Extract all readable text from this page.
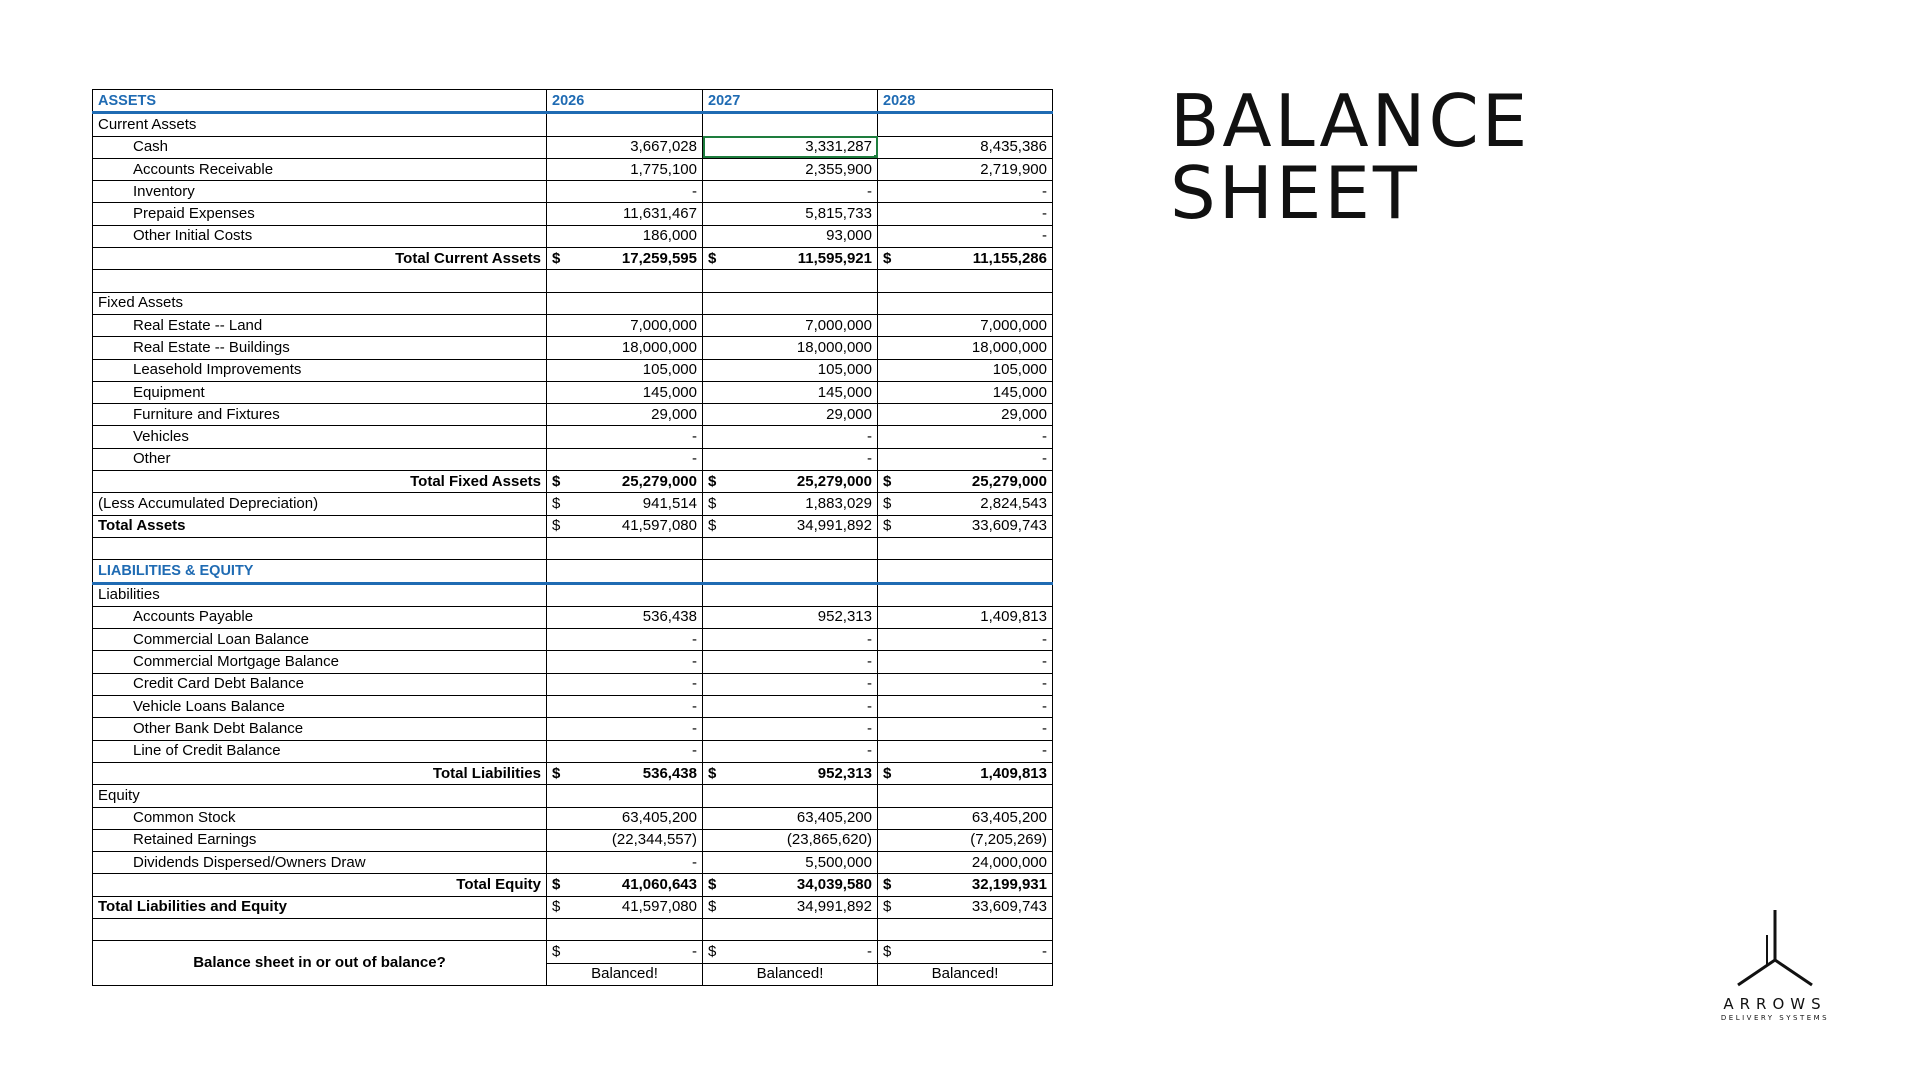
BALANCE
SHEET
ASSETS	2026	2027	2028
Current Assets			
Cash	3,667,028	3,331,287	8,435,386
Accounts Receivable	1,775,100	2,355,900	2,719,900
Inventory	-	-	-
Prepaid Expenses	11,631,467	5,815,733	-
Other Initial Costs	186,000	93,000	-
Total Current Assets	$ 17,259,595	$ 11,595,921	$ 11,155,286

Fixed Assets			
Real Estate -- Land	7,000,000	7,000,000	7,000,000
Real Estate -- Buildings	18,000,000	18,000,000	18,000,000
Leasehold Improvements	105,000	105,000	105,000
Equipment	145,000	145,000	145,000
Furniture and Fixtures	29,000	29,000	29,000
Vehicles	-	-	-
Other	-	-	-
Total Fixed Assets	$ 25,279,000	$ 25,279,000	$ 25,279,000

(Less Accumulated Depreciation)	$ 941,514	$ 1,883,029	$ 2,824,543

Total Assets	$ 41,597,080	$ 34,991,892	$ 33,609,743

LIABILITIES & EQUITY			
Liabilities			
Accounts Payable	536,438	952,313	1,409,813
Commercial Loan Balance	-	-	-
Commercial Mortgage Balance	-	-	-
Credit Card Debt Balance	-	-	-
Vehicle Loans Balance	-	-	-
Other Bank Debt Balance	-	-	-
Line of Credit Balance	-	-	-
Total Liabilities	$ 536,438	$ 952,313	$ 1,409,813

Equity			
Common Stock	63,405,200	63,405,200	63,405,200
Retained Earnings	(22,344,557)	(23,865,620)	(7,205,269)
Dividends Dispersed/Owners Draw	-	5,500,000	24,000,000
Total Equity	$ 41,060,643	$ 34,039,580	$ 32,199,931

Total Liabilities and Equity	$ 41,597,080	$ 34,991,892	$ 33,609,743

Balance sheet in or out of balance?	$ -	$ -	$ -

	Balanced!	Balanced!	Balanced!
ARROWS
DELIVERY SYSTEMS
